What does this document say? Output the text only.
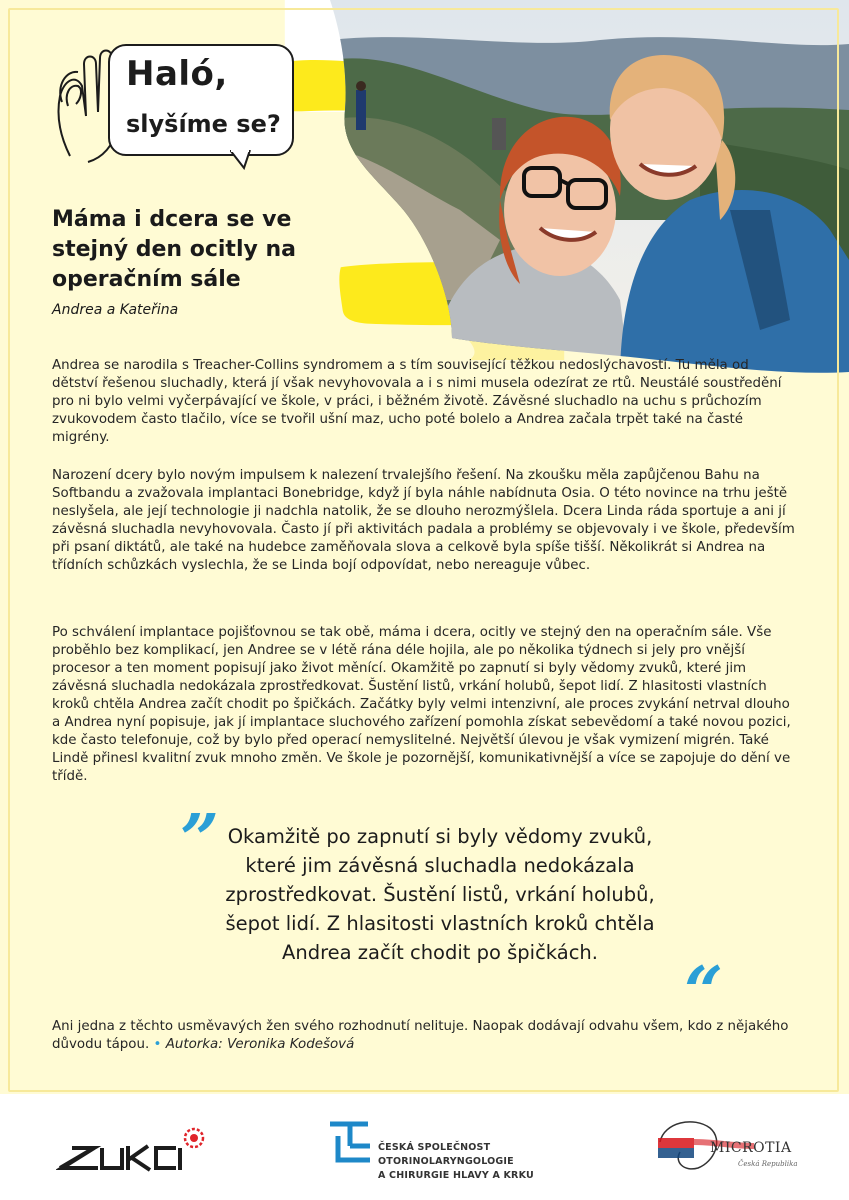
Haló,
slyšíme se?
Máma i dcera se ve stejný den ocitly na operačním sále
Andrea a Kateřina

Andrea se narodila s Treacher-Collins syndromem a s tím související těžkou nedoslýchavostí. Tu měla od dětství řešenou sluchadly, která jí však nevyhovovala a i s nimi musela odezírat ze rtů. Neustálé soustředění pro ni bylo velmi vyčerpávající ve škole, v práci, i běžném životě. Závěsné sluchadlo na uchu s průchozím zvukovodem často tlačilo, více se tvořil ušní maz, ucho poté bolelo a Andrea začala trpět také na časté migrény.

Narození dcery bylo novým impulsem k nalezení trvalejšího řešení. Na zkoušku měla zapůjčenou Bahu na Softbandu a zvažovala implantaci Bonebridge, když jí byla náhle nabídnuta Osia. O této novince na trhu ještě neslyšela, ale její technologie ji nadchla natolik, že se dlouho nerozmýšlela. Dcera Linda ráda sportuje a ani jí závěsná sluchadla nevyhovovala. Často jí při aktivitách padala a problémy se objevovaly i ve škole, především při psaní diktátů, ale také na hudebce zaměňovala slova a celkově byla spíše tišší. Několikrát si Andrea na třídních schůzkách vyslechla, že se Linda bojí odpovídat, nebo nereaguje vůbec.

Po schválení implantace pojišťovnou se tak obě, máma i dcera, ocitly ve stejný den na operačním sále. Vše proběhlo bez komplikací, jen Andree se v létě rána déle hojila, ale po několika týdnech si jely pro vnější procesor a ten moment popisují jako život měnící. Okamžitě po zapnutí si byly vědomy zvuků, které jim závěsná sluchadla nedokázala zprostředkovat. Šustění listů, vrkání holubů, šepot lidí. Z hlasitosti vlastních kroků chtěla Andrea začít chodit po špičkách. Začátky byly velmi intenzivní, ale proces zvykání netrval dlouho a Andrea nyní popisuje, jak jí implantace sluchového zařízení pomohla získat sebevědomí a také novou pozici, kde často telefonuje, což by bylo před operací nemyslitelné. Největší úlevou je však vymizení migrén. Také Lindě přinesl kvalitní zvuk mnoho změn. Ve škole je pozornější, komunikativnější a více se zapojuje do dění ve třídě.

” Okamžitě po zapnutí si byly vědomy zvuků, které jim závěsná sluchadla nedokázala zprostředkovat. Šustění listů, vrkání holubů, šepot lidí. Z hlasitosti vlastních kroků chtěla Andrea začít chodit po špičkách.	“

Ani jedna z těchto usměvavých žen svého rozhodnutí nelituje. Naopak dodávají odvahu všem, kdo z nějakého důvodu tápou. • Autorka: Veronika Kodešová

ČESKÁ SPOLEČNOST
OTORINOLARYNGOLOGIE
A CHIRURGIE HLAVY A KRKU

MICROTIA
Česká Republika
